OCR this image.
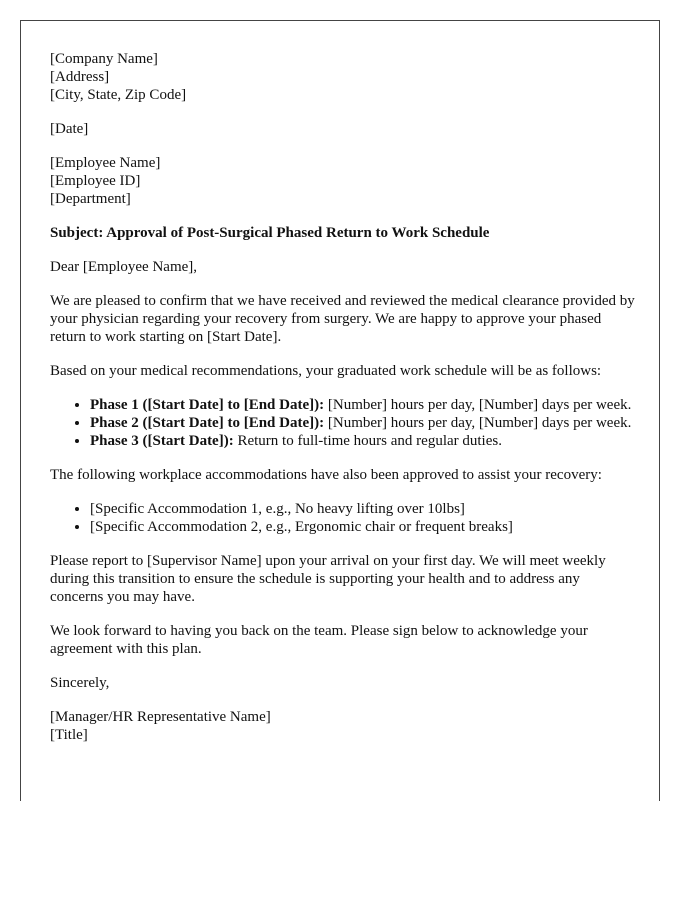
[Company Name]
[Address]
[City, State, Zip Code]

[Date]

[Employee Name]
[Employee ID]
[Department]

Subject: Approval of Post-Surgical Phased Return to Work Schedule

Dear [Employee Name],

We are pleased to confirm that we have received and reviewed the medical clearance provided by your physician regarding your recovery from surgery. We are happy to approve your phased return to work starting on [Start Date].

Based on your medical recommendations, your graduated work schedule will be as follows:

• Phase 1 ([Start Date] to [End Date]): [Number] hours per day, [Number] days per week.
• Phase 2 ([Start Date] to [End Date]): [Number] hours per day, [Number] days per week.
• Phase 3 ([Start Date]): Return to full-time hours and regular duties.

The following workplace accommodations have also been approved to assist your recovery:

• [Specific Accommodation 1, e.g., No heavy lifting over 10lbs]
• [Specific Accommodation 2, e.g., Ergonomic chair or frequent breaks]

Please report to [Supervisor Name] upon your arrival on your first day. We will meet weekly during this transition to ensure the schedule is supporting your health and to address any concerns you may have.

We look forward to having you back on the team. Please sign below to acknowledge your agreement with this plan.

Sincerely,

[Manager/HR Representative Name]
[Title]
